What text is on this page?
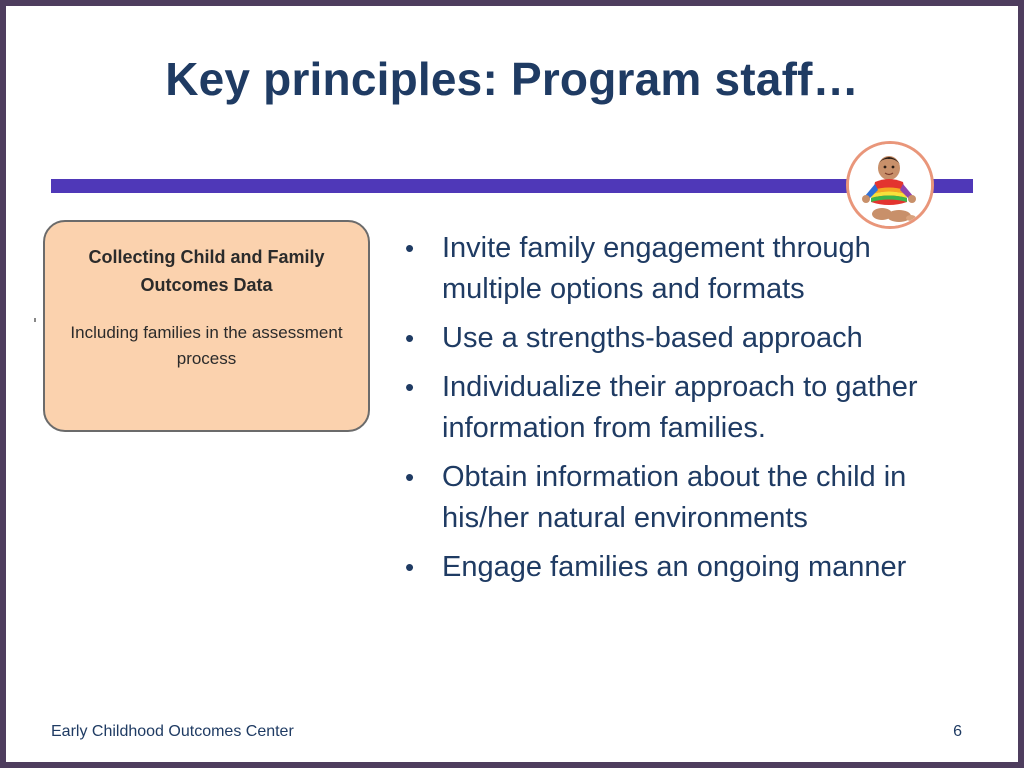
Key principles: Program staff…
Collecting Child and Family Outcomes Data
Including families in the assessment process
• Invite family engagement through multiple options and formats
• Use a strengths-based approach
• Individualize their approach to gather information from families.
• Obtain information about the child in his/her natural environments
• Engage families an ongoing manner
Early Childhood Outcomes Center	6
